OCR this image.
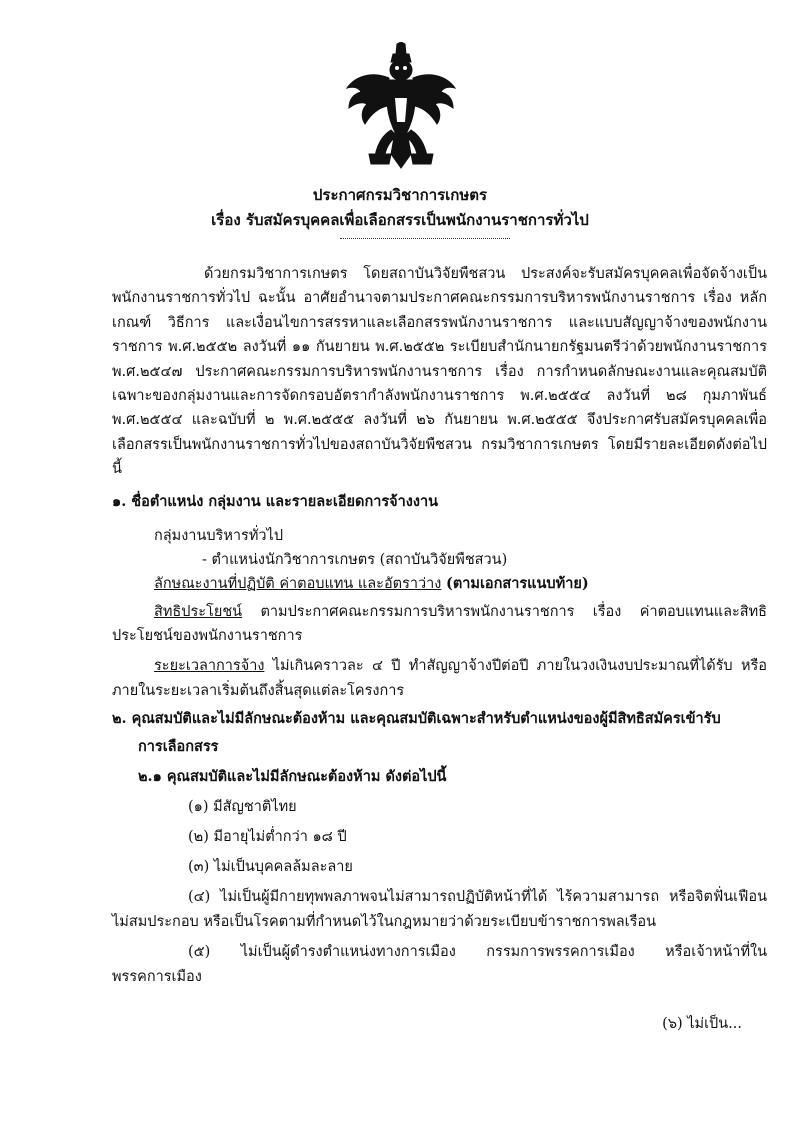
ประกาศกรมวิชาการเกษตร
เรื่อง รับสมัครบุคคลเพื่อเลือกสรรเป็นพนักงานราชการทั่วไป

ด้วยกรมวิชาการเกษตร โดยสถาบันวิจัยพืชสวน ประสงค์จะรับสมัครบุคคลเพื่อจัดจ้างเป็นพนักงานราชการทั่วไป ฉะนั้น อาศัยอำนาจตามประกาศคณะกรรมการบริหารพนักงานราชการ เรื่อง หลักเกณฑ์ วิธีการ และเงื่อนไขการสรรหาและเลือกสรรพนักงานราชการ และแบบสัญญาจ้างของพนักงานราชการ พ.ศ.๒๕๕๒ ลงวันที่ ๑๑ กันยายน พ.ศ.๒๕๕๒ ระเบียบสำนักนายกรัฐมนตรีว่าด้วยพนักงานราชการ พ.ศ.๒๕๔๗ ประกาศคณะกรรมการบริหารพนักงานราชการ เรื่อง การกำหนดลักษณะงานและคุณสมบัติเฉพาะของกลุ่มงานและการจัดกรอบอัตรากำลังพนักงานราชการ พ.ศ.๒๕๕๔ ลงวันที่ ๒๘ กุมภาพันธ์ พ.ศ.๒๕๕๔ และฉบับที่ ๒ พ.ศ.๒๕๕๕ ลงวันที่ ๒๖ กันยายน พ.ศ.๒๕๕๕ จึงประกาศรับสมัครบุคคลเพื่อเลือกสรรเป็นพนักงานราชการทั่วไปของสถาบันวิจัยพืชสวน กรมวิชาการเกษตร โดยมีรายละเอียดดังต่อไปนี้

๑. ชื่อตำแหน่ง กลุ่มงาน และรายละเอียดการจ้างงาน

กลุ่มงานบริหารทั่วไป

- ตำแหน่งนักวิชาการเกษตร (สถาบันวิจัยพืชสวน)

ลักษณะงานที่ปฏิบัติ ค่าตอบแทน และอัตราว่าง (ตามเอกสารแนบท้าย)

สิทธิประโยชน์ ตามประกาศคณะกรรมการบริหารพนักงานราชการ เรื่อง ค่าตอบแทนและสิทธิประโยชน์ของพนักงานราชการ

ระยะเวลาการจ้าง ไม่เกินคราวละ ๔ ปี ทำสัญญาจ้างปีต่อปี ภายในวงเงินงบประมาณที่ได้รับ หรือภายในระยะเวลาเริ่มต้นถึงสิ้นสุดแต่ละโครงการ

๒. คุณสมบัติและไม่มีลักษณะต้องห้าม และคุณสมบัติเฉพาะสำหรับตำแหน่งของผู้มีสิทธิสมัครเข้ารับ

การเลือกสรร

๒.๑ คุณสมบัติและไม่มีลักษณะต้องห้าม ดังต่อไปนี้

(๑) มีสัญชาติไทย

(๒) มีอายุไม่ต่ำกว่า ๑๘ ปี

(๓) ไม่เป็นบุคคลล้มละลาย

(๔) ไม่เป็นผู้มีกายทุพพลภาพจนไม่สามารถปฏิบัติหน้าที่ได้ ไร้ความสามารถ หรือจิตฟั่นเฟือนไม่สมประกอบ หรือเป็นโรคตามที่กำหนดไว้ในกฎหมายว่าด้วยระเบียบข้าราชการพลเรือน

(๕) ไม่เป็นผู้ดำรงตำแหน่งทางการเมือง กรรมการพรรคการเมือง หรือเจ้าหน้าที่ในพรรคการเมือง

(๖) ไม่เป็น...
